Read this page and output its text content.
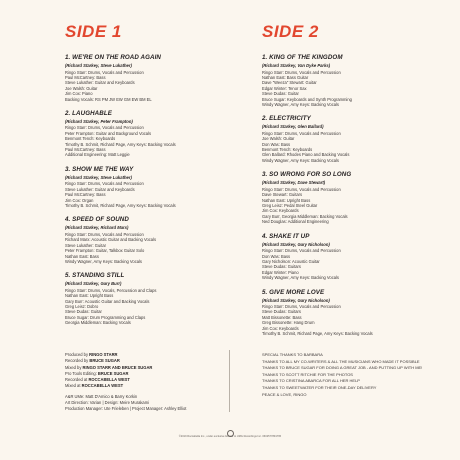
SIDE 1
1. WE'RE ON THE ROAD AGAIN
(Richard Starkey, Steve Lukather)
Ringo Starr: Drums, Vocals and Percussion
Paul McCartney: Bass
Steve Lukather: Guitar and Keyboards
Joe Walsh: Guitar
Jim Cox: Piano
Backing Vocals: RS PM JW EW GM EW BM EL
2. LAUGHABLE
(Richard Starkey, Peter Frampton)
Ringo Starr: Drums, Vocals and Percussion
Peter Frampton: Guitar and Background Vocals
Benmont Tench: Keyboards
Timothy B. Schmit, Richard Page, Amy Keys: Backing Vocals
Paul McCartney: Bass
Additional Engineering: Matt Leggie
3. SHOW ME THE WAY
(Richard Starkey, Steve Lukather)
Ringo Starr: Drums, Vocals and Percussion
Steve Lukather: Guitar and Keyboards
Paul McCartney: Bass
Jim Cox: Organ
Timothy B. Schmit, Richard Page, Amy Keys: Backing Vocals
4. SPEED OF SOUND
(Richard Starkey, Richard Marx)
Ringo Starr: Drums, Vocals and Percussion
Richard Marx: Acoustic Guitar and Backing Vocals
Steve Lukather: Guitar
Peter Frampton: Guitar, Talkbox Guitar Solo
Nathan East: Bass
Windy Wagner, Amy Keys: Backing Vocals
5. STANDING STILL
(Richard Starkey, Gary Burr)
Ringo Starr: Drums, Vocals, Percussion and Claps
Nathan East: Upright Bass
Gary Burr: Acoustic Guitar and Backing Vocals
Greg Leisz: Dobro
Steve Dudas: Guitar
Bruce Sugar: Drum Programming and Claps
Georgia Middleman: Backing Vocals
SIDE 2
1. KING OF THE KINGDOM
(Richard Starkey, Van Dyke Parks)
Ringo Starr: Drums, Vocals and Percussion
Nathan East: Bass Guitar
Dave "Weeza" Stewart: Guitar
Edgar Winter: Tenor Sax
Steve Dudas: Guitar
Bruce Sugar: Keyboards and Synth Programming
Windy Wagner, Amy Keys: Backing Vocals
2. ELECTRICITY
(Richard Starkey, Glen Ballard)
Ringo Starr: Drums, Vocals and Percussion
Joe Walsh: Guitar
Don Was: Bass
Benmont Tench: Keyboards
Glen Ballard: Rhodes Piano and Backing Vocals
Windy Wagner, Amy Keys: Backing Vocals
3. SO WRONG FOR SO LONG
(Richard Starkey, Dave Stewart)
Ringo Starr: Drums, Vocals and Percussion
Dave Stewart: Guitars
Nathan East: Upright Bass
Greg Leisz: Pedal Steel Guitar
Jim Cox: Keyboards
Gary Burr, Georgia Middleman: Backing Vocals
Ned Douglas: Additional Engineering
4. SHAKE IT UP
(Richard Starkey, Gary Nicholson)
Ringo Starr: Drums, Vocals and Percussion
Don Was: Bass
Gary Nicholson: Acoustic Guitar
Steve Dudas: Guitars
Edgar Winter: Piano
Windy Wagner, Amy Keys: Backing Vocals
5. GIVE MORE LOVE
(Richard Starkey, Gary Nicholson)
Ringo Starr: Drums, Vocals and Percussion
Steve Dudas: Guitars
Matt Bissonette: Bass
Greg Bissonette: Hang Drum
Jim Cox: Keyboards
Timothy B. Schmit, Richard Page, Amy Keys: Backing Vocals
Produced by RINGO STARR
Recorded by BRUCE SUGAR
Mixed by RINGO STARR AND BRUCE SUGAR
Pro Tools Editing: BRUCE SUGAR
Recorded at ROCCABELLA WEST
Mixed at ROCCABELLA WEST
A&R UMe: Matt D'Amico & Barry Korkin
Art Direction: Varian | Design: Meire Murakami
Production Manager: Ute Frieleben | Project Manager: Ashley Elliot
SPECIAL THANKS TO BARBARA
THANKS TO ALL MY CO-WRITERS & ALL THE MUSICIANS WHO MADE IT POSSIBLE
THANKS TO BRUCE SUGAR FOR DOING A GREAT JOB - AND PUTTING UP WITH ME!
THANKS TO SCOTT RITCHIE FOR THE PHOTOS
THANKS TO CRISTINA ABARCA FOR ALL HER HELP
THANKS TO SWEETWATER FOR THEIR ONE-DAY DELIVERY
PEACE & LOVE, RINGO
©2019 Roccabella Inc., under exclusive license to UMG Recordings Inc. 0602577891765
